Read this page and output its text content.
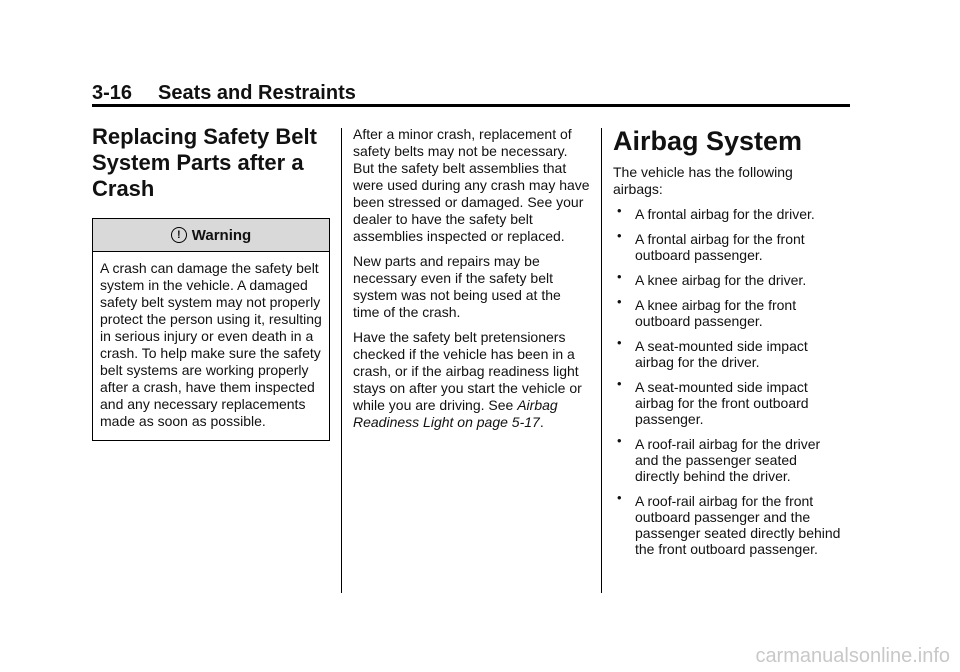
3-16 Seats and Restraints
Replacing Safety Belt System Parts after a Crash
! Warning
A crash can damage the safety belt system in the vehicle. A damaged safety belt system may not properly protect the person using it, resulting in serious injury or even death in a crash. To help make sure the safety belt systems are working properly after a crash, have them inspected and any necessary replacements made as soon as possible.

After a minor crash, replacement of safety belts may not be necessary. But the safety belt assemblies that were used during any crash may have been stressed or damaged. See your dealer to have the safety belt assemblies inspected or replaced.

New parts and repairs may be necessary even if the safety belt system was not being used at the time of the crash.

Have the safety belt pretensioners checked if the vehicle has been in a crash, or if the airbag readiness light stays on after you start the vehicle or while you are driving. See Airbag Readiness Light on page 5-17.

Airbag System

The vehicle has the following airbags:

• A frontal airbag for the driver.
• A frontal airbag for the front outboard passenger.
• A knee airbag for the driver.
• A knee airbag for the front outboard passenger.
• A seat-mounted side impact airbag for the driver.
• A seat-mounted side impact airbag for the front outboard passenger.
• A roof-rail airbag for the driver and the passenger seated directly behind the driver.
• A roof-rail airbag for the front outboard passenger and the passenger seated directly behind the front outboard passenger.
carmanualsonline.info
